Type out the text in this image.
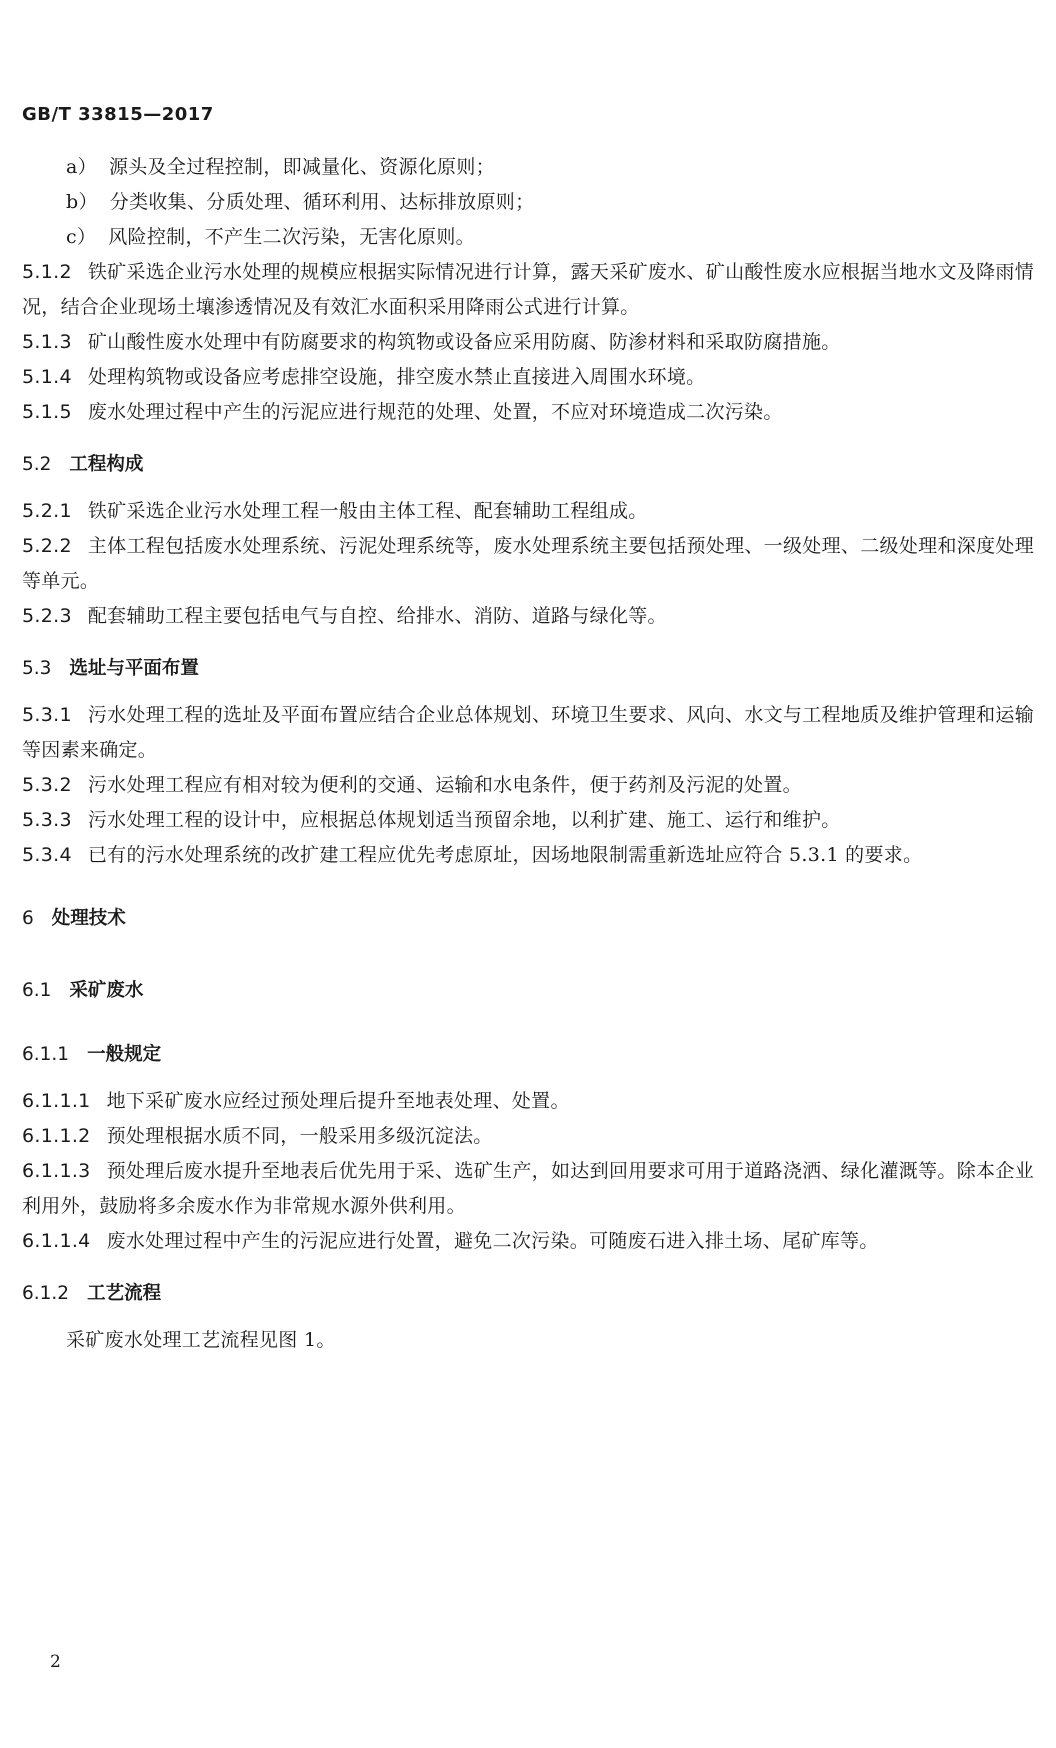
GB/T 33815—2017
a） 源头及全过程控制，即减量化、资源化原则；
b） 分类收集、分质处理、循环利用、达标排放原则；
c） 风险控制，不产生二次污染，无害化原则。
5.1.2 铁矿采选企业污水处理的规模应根据实际情况进行计算，露天采矿废水、矿山酸性废水应根据当地水文及降雨情况，结合企业现场土壤渗透情况及有效汇水面积采用降雨公式进行计算。
5.1.3 矿山酸性废水处理中有防腐要求的构筑物或设备应采用防腐、防渗材料和采取防腐措施。
5.1.4 处理构筑物或设备应考虑排空设施，排空废水禁止直接进入周围水环境。
5.1.5 废水处理过程中产生的污泥应进行规范的处理、处置，不应对环境造成二次污染。
5.2 工程构成
5.2.1 铁矿采选企业污水处理工程一般由主体工程、配套辅助工程组成。
5.2.2 主体工程包括废水处理系统、污泥处理系统等，废水处理系统主要包括预处理、一级处理、二级处理和深度处理等单元。
5.2.3 配套辅助工程主要包括电气与自控、给排水、消防、道路与绿化等。
5.3 选址与平面布置
5.3.1 污水处理工程的选址及平面布置应结合企业总体规划、环境卫生要求、风向、水文与工程地质及维护管理和运输等因素来确定。
5.3.2 污水处理工程应有相对较为便利的交通、运输和水电条件，便于药剂及污泥的处置。
5.3.3 污水处理工程的设计中，应根据总体规划适当预留余地，以利扩建、施工、运行和维护。
5.3.4 已有的污水处理系统的改扩建工程应优先考虑原址，因场地限制需重新选址应符合 5.3.1 的要求。
6 处理技术
6.1 采矿废水
6.1.1 一般规定
6.1.1.1 地下采矿废水应经过预处理后提升至地表处理、处置。
6.1.1.2 预处理根据水质不同，一般采用多级沉淀法。
6.1.1.3 预处理后废水提升至地表后优先用于采、选矿生产，如达到回用要求可用于道路浇洒、绿化灌溉等。除本企业利用外，鼓励将多余废水作为非常规水源外供利用。
6.1.1.4 废水处理过程中产生的污泥应进行处置，避免二次污染。可随废石进入排土场、尾矿库等。
6.1.2 工艺流程
采矿废水处理工艺流程见图 1。
2
